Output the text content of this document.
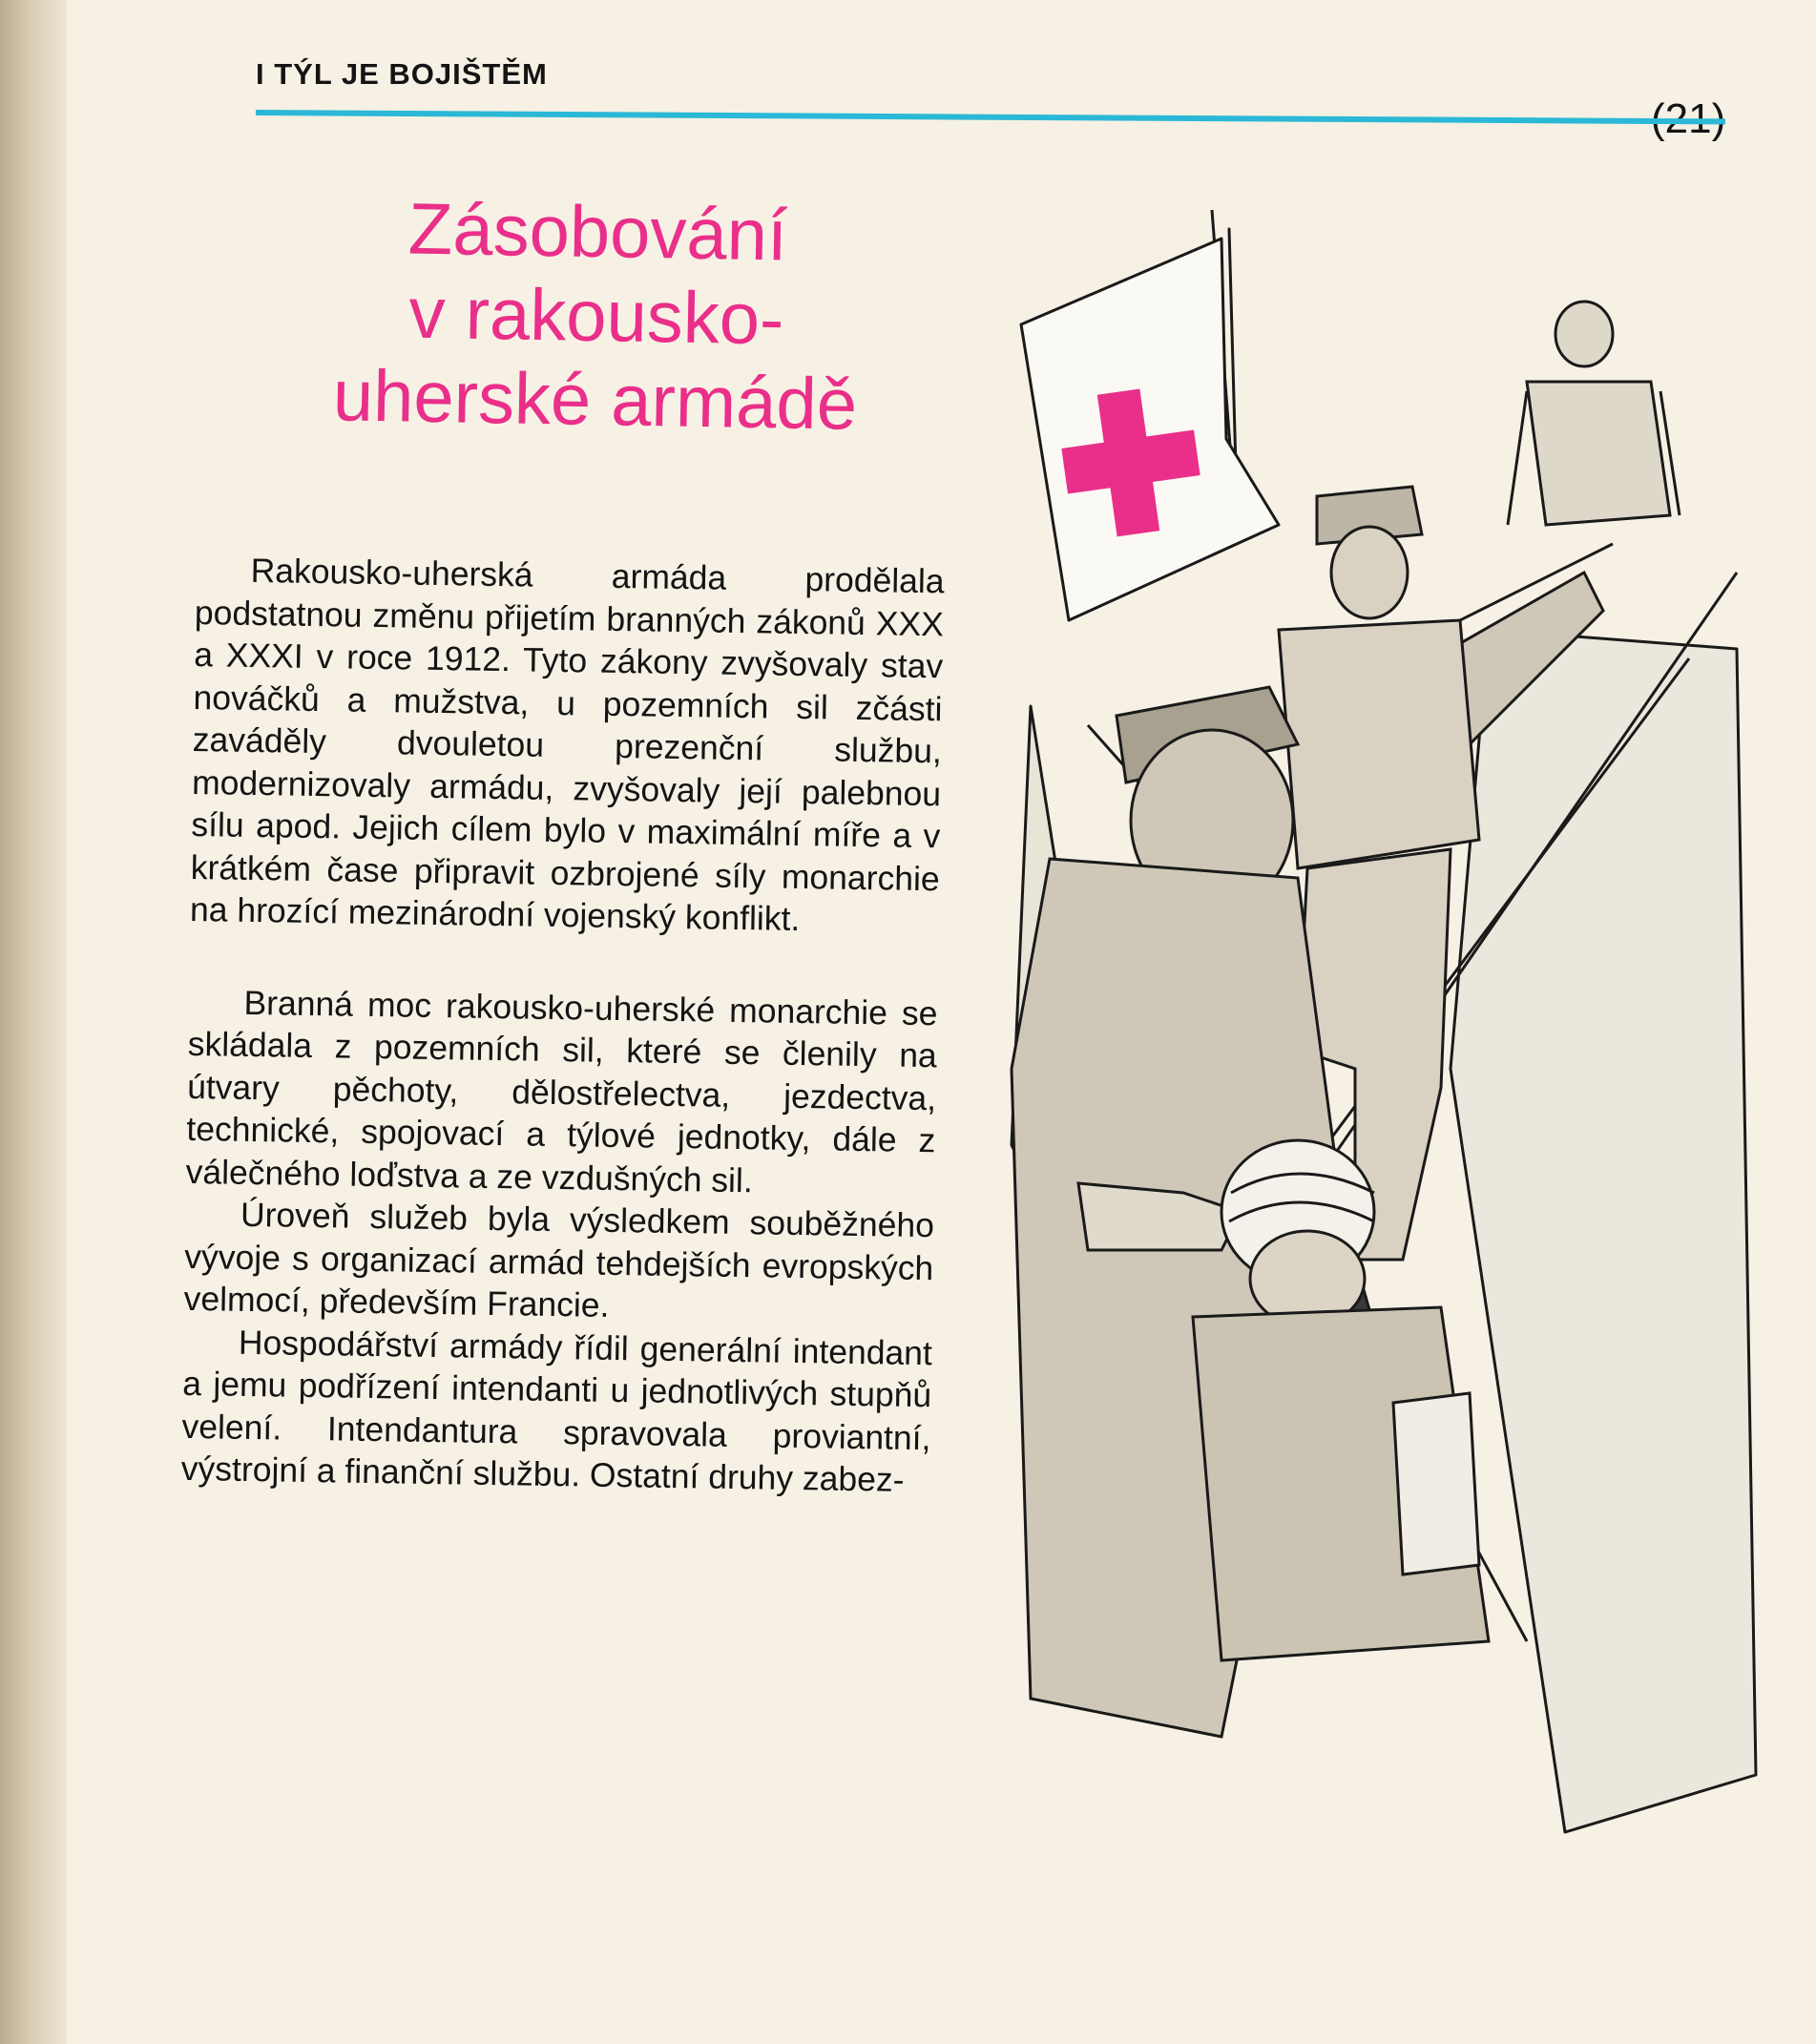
I TÝL JE BOJIŠTĚM
(21)
Zásobování
v rakousko-
uherské armádě

Rakousko-uherská armáda prodělala podstatnou změnu přijetím branných zákonů XXX a XXXI v roce 1912. Tyto zákony zvyšovaly stav nováčků a mužstva, u pozemních sil zčásti zaváděly dvouletou prezenční službu, modernizovaly armádu, zvyšovaly její palebnou sílu apod. Jejich cílem bylo v maximální míře a v krátkém čase připravit ozbrojené síly monarchie na hrozící mezinárodní vojenský konflikt.

Branná moc rakousko-uherské monarchie se skládala z pozemních sil, které se členily na útvary pěchoty, dělostřelectva, jezdectva, technické, spojovací a týlové jednotky, dále z válečného loďstva a ze vzdušných sil.

Úroveň služeb byla výsledkem souběžného vývoje s organizací armád tehdejších evropských velmocí, především Francie.

Hospodářství armády řídil generální intendant a jemu podřízení intendanti u jednotlivých stupňů velení. Intendantura spravovala proviantní, výstrojní a finanční službu. Ostatní druhy zabez-
